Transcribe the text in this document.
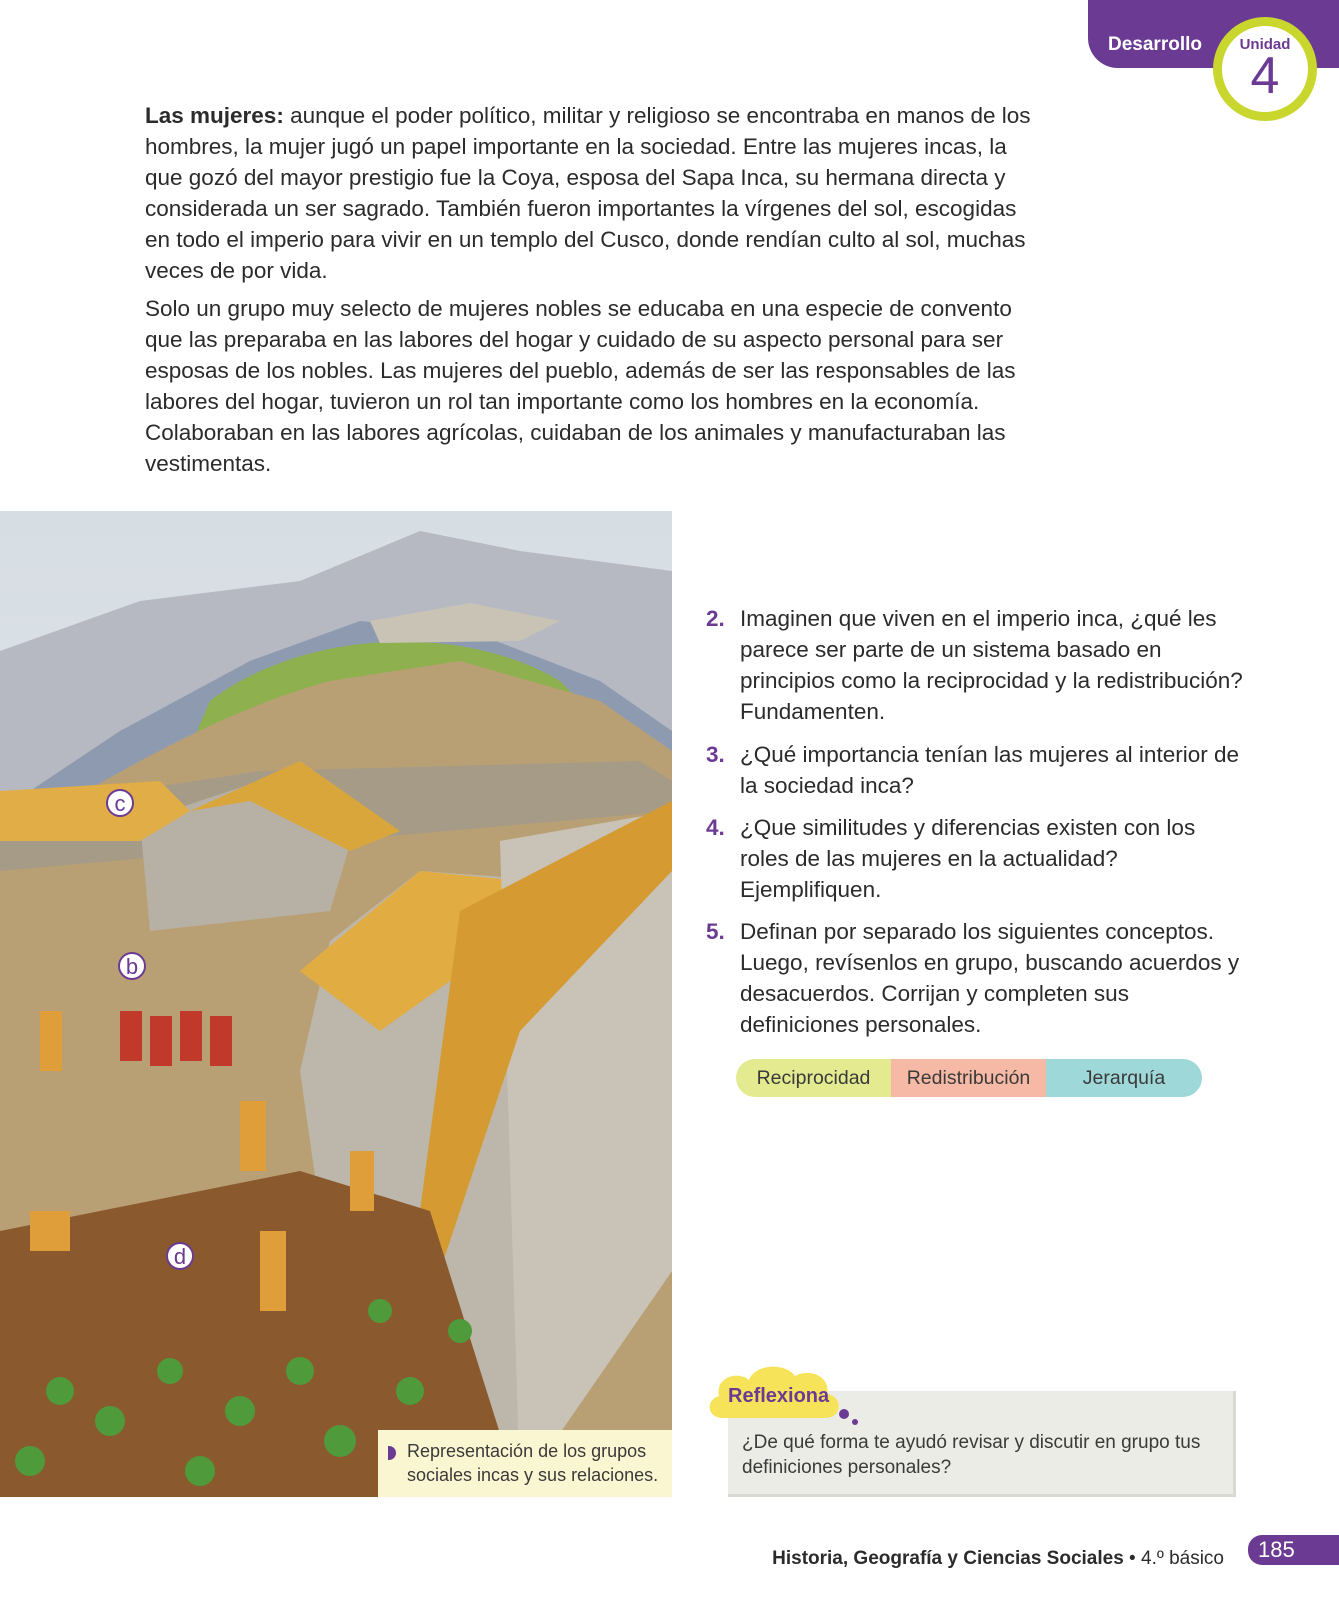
Desarrollo	Unidad
4

Las mujeres: aunque el poder político, militar y religioso se encontraba en manos de los hombres, la mujer jugó un papel importante en la sociedad. Entre las mujeres incas, la que gozó del mayor prestigio fue la Coya, esposa del Sapa Inca, su hermana directa y considerada un ser sagrado. También fueron importantes la vírgenes del sol, escogidas en todo el imperio para vivir en un templo del Cusco, donde rendían culto al sol, muchas veces de por vida.

Solo un grupo muy selecto de mujeres nobles se educaba en una especie de convento que las preparaba en las labores del hogar y cuidado de su aspecto personal para ser esposas de los nobles. Las mujeres del pueblo, además de ser las responsables de las labores del hogar, tuvieron un rol tan importante como los hombres en la economía. Colaboraban en las labores agrícolas, cuidaban de los animales y manufacturaban las vestimentas.

c
b
d
Representación de los grupos sociales incas y sus relaciones.
2. Imaginen que viven en el imperio inca, ¿qué les parece ser parte de un sistema basado en principios como la reciprocidad y la redistribución? Fundamenten.
3. ¿Qué importancia tenían las mujeres al interior de la sociedad inca?
4. ¿Que similitudes y diferencias existen con los roles de las mujeres en la actualidad? Ejemplifiquen.
5. Definan por separado los siguientes conceptos. Luego, revísenlos en grupo, buscando acuerdos y desacuerdos. Corrijan y completen sus definiciones personales.
Reciprocidad	Redistribución	Jerarquía
Reflexiona
¿De qué forma te ayudó revisar y discutir en grupo tus definiciones personales?
Historia, Geografía y Ciencias Sociales • 4.º básico	185
